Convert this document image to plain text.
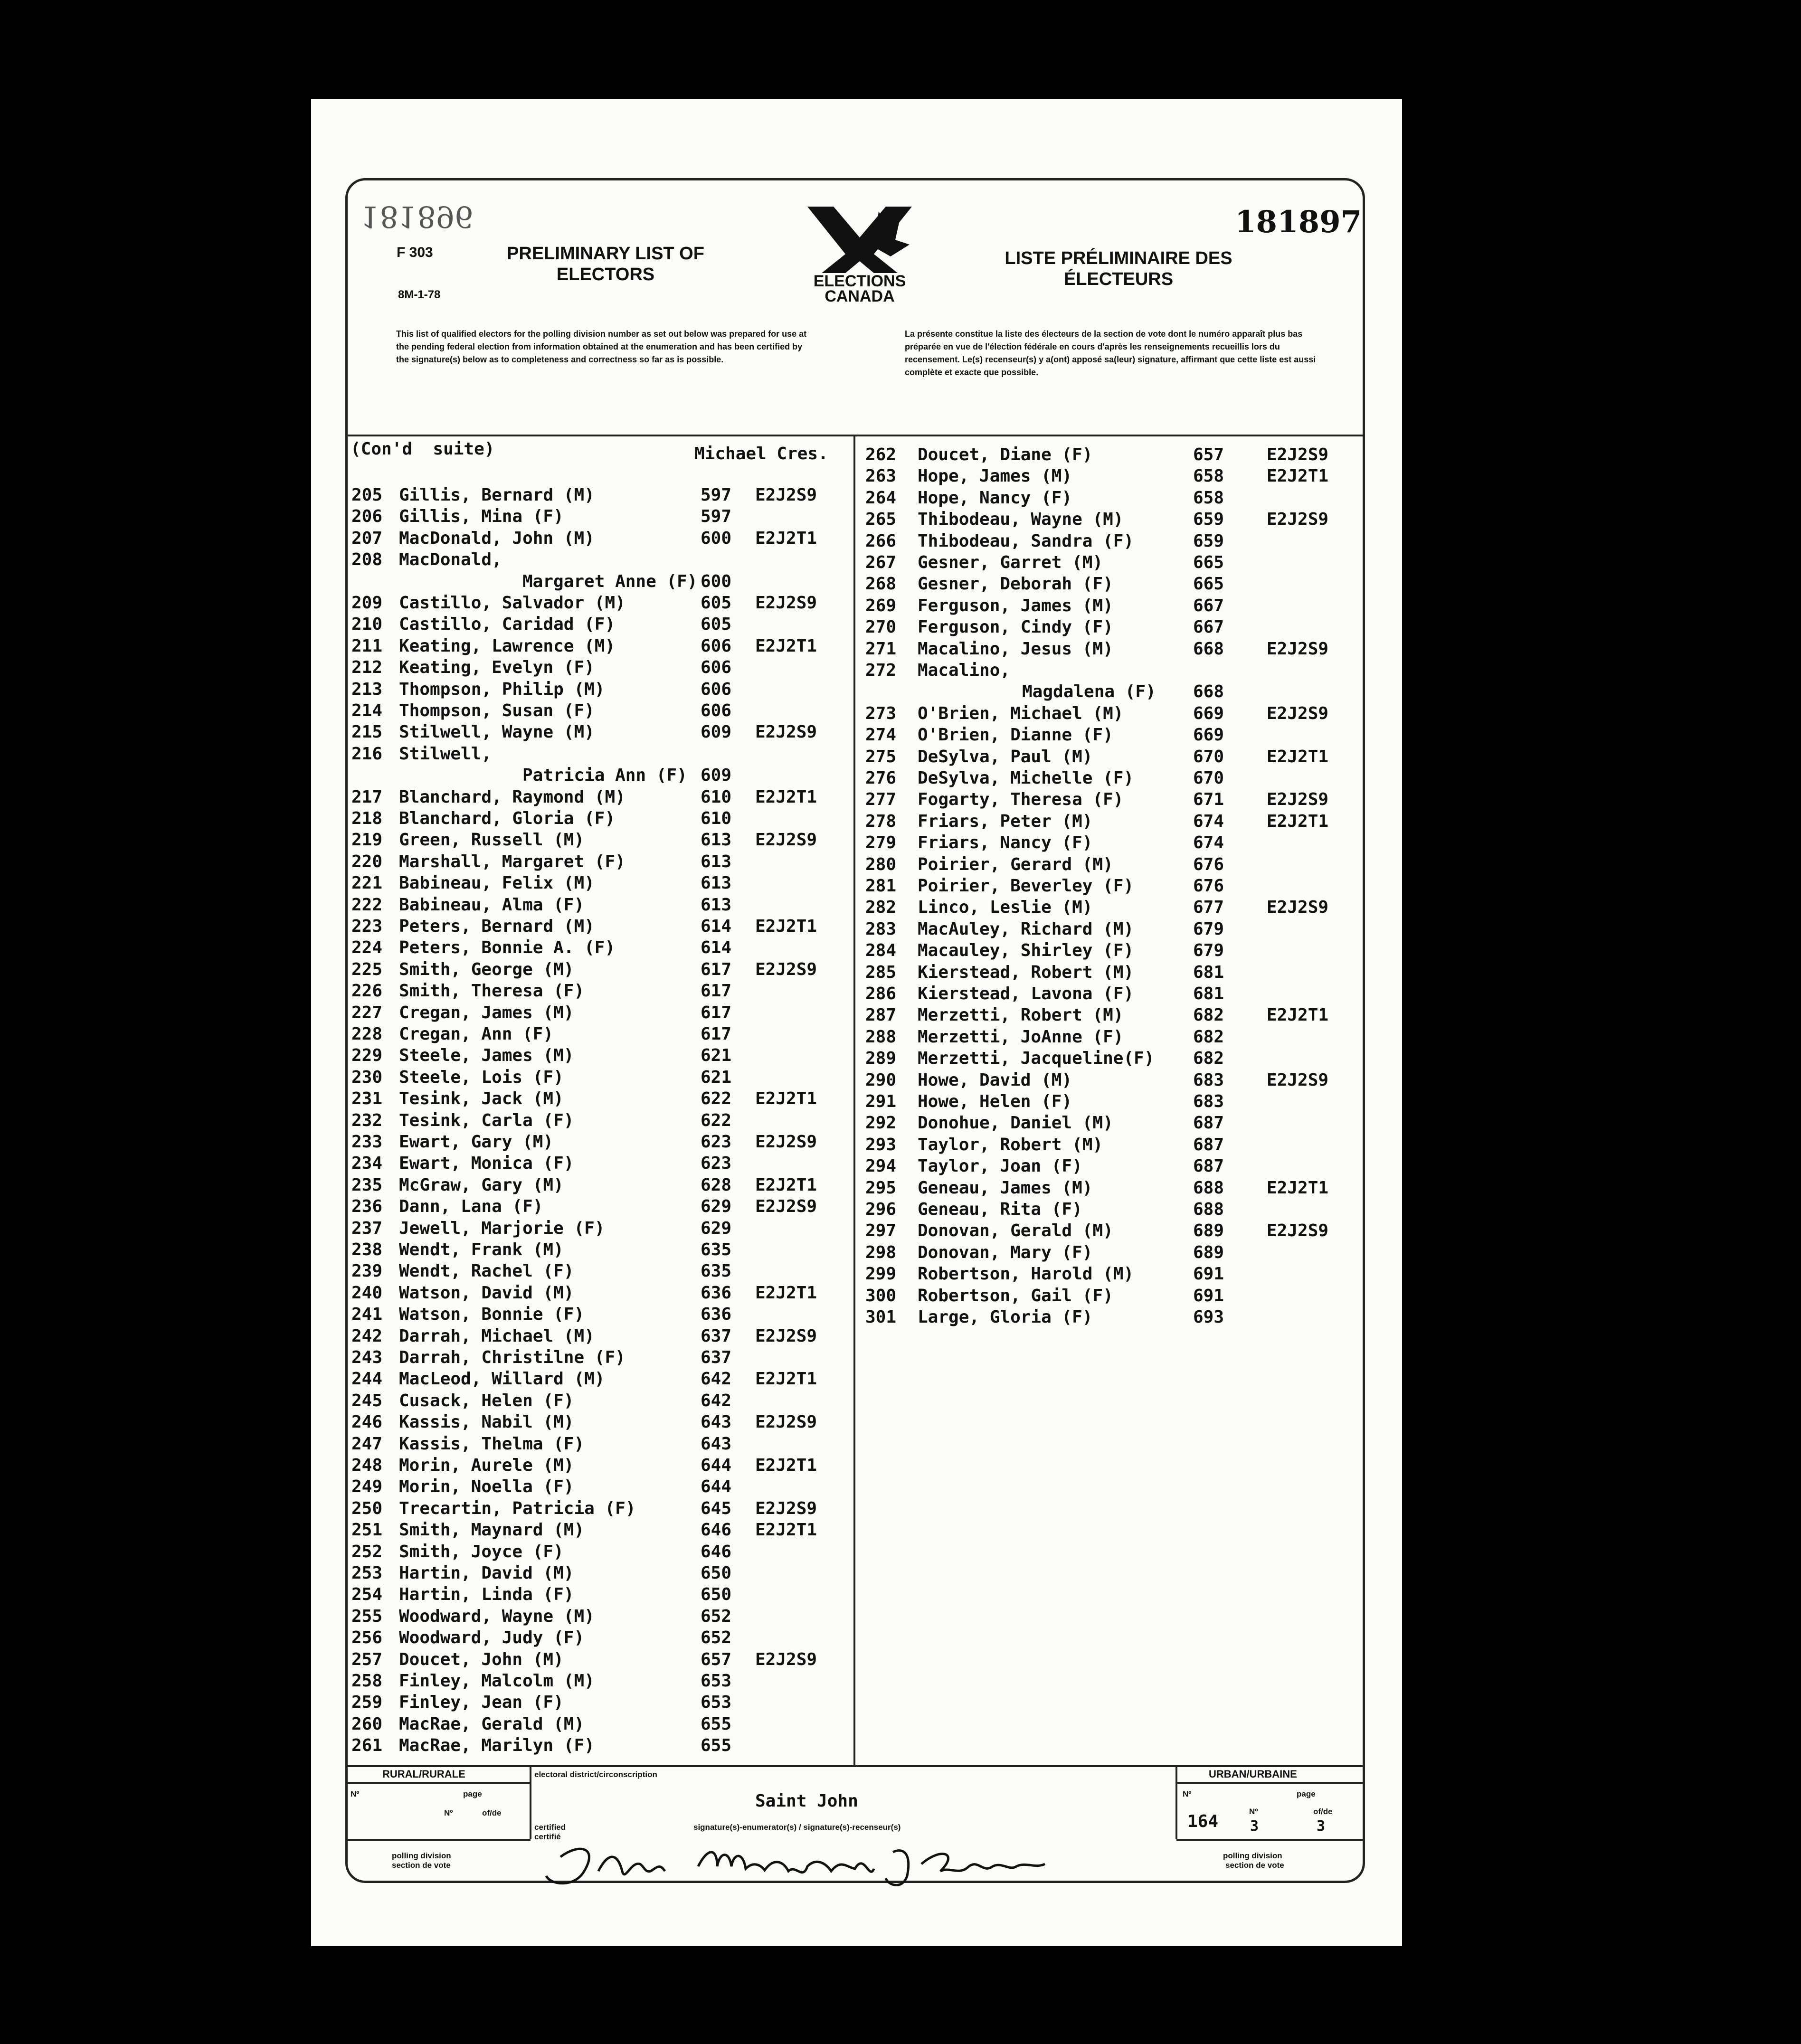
181896
F 303
8M-1-78
PRELIMINARY LIST OF ELECTORS	ELECTIONS
CANADA
LISTE PRÉLIMINAIRE DES ÉLECTEURS
181897
This list of qualified electors for the polling division number as set out below was prepared for use at the pending federal election from information obtained at the enumeration and has been certified by the signature(s) below as to completeness and correctness so far as is possible.
La présente constitue la liste des électeurs de la section de vote dont le numéro apparaît plus bas préparée en vue de l'élection fédérale en cours d'après les renseignements recueillis lors du recensement. Le(s) recenseur(s) y a(ont) apposé sa(leur) signature, affirmant que cette liste est aussi complète et exacte que possible.
(Con'd  suite)	Michael Cres.
205 Gillis, Bernard (M)	597 E2J2S9
206 Gillis, Mina (F)	597
207 MacDonald, John (M)	600 E2J2T1
208 MacDonald,
Margaret Anne (F) 600
209 Castillo, Salvador (M)	605 E2J2S9
210 Castillo, Caridad (F)	605
211 Keating, Lawrence (M)	606 E2J2T1
212 Keating, Evelyn (F)	606
213 Thompson, Philip (M)	606
214 Thompson, Susan (F)	606
215 Stilwell, Wayne (M)	609 E2J2S9
216 Stilwell,
Patricia Ann (F) 609
217 Blanchard, Raymond (M)	610 E2J2T1
218 Blanchard, Gloria (F)	610
219 Green, Russell (M)	613 E2J2S9
220 Marshall, Margaret (F)	613
221 Babineau, Felix (M)	613
222 Babineau, Alma (F)	613
223 Peters, Bernard (M)	614 E2J2T1
224 Peters, Bonnie A. (F)	614
225 Smith, George (M)	617 E2J2S9
226 Smith, Theresa (F)	617
227 Cregan, James (M)	617
228 Cregan, Ann (F)	617
229 Steele, James (M)	621
230 Steele, Lois (F)	621
231 Tesink, Jack (M)	622 E2J2T1
232 Tesink, Carla (F)	622
233 Ewart, Gary (M)	623 E2J2S9
234 Ewart, Monica (F)	623
235 McGraw, Gary (M)	628 E2J2T1
236 Dann, Lana (F)	629 E2J2S9
237 Jewell, Marjorie (F)	629
238 Wendt, Frank (M)	635
239 Wendt, Rachel (F)	635
240 Watson, David (M)	636 E2J2T1
241 Watson, Bonnie (F)	636
242 Darrah, Michael (M)	637 E2J2S9
243 Darrah, Christilne (F)	637
244 MacLeod, Willard (M)	642 E2J2T1
245 Cusack, Helen (F)	642
246 Kassis, Nabil (M)	643 E2J2S9
247 Kassis, Thelma (F)	643
248 Morin, Aurele (M)	644 E2J2T1
249 Morin, Noella (F)	644
250 Trecartin, Patricia (F)	645 E2J2S9
251 Smith, Maynard (M)	646 E2J2T1
252 Smith, Joyce (F)	646
253 Hartin, David (M)	650
254 Hartin, Linda (F)	650
255 Woodward, Wayne (M)	652
256 Woodward, Judy (F)	652
257 Doucet, John (M)	657 E2J2S9
258 Finley, Malcolm (M)	653
259 Finley, Jean (F)	653
260 MacRae, Gerald (M)	655
261 MacRae, Marilyn (F)	655
262 Doucet, Diane (F)	657 E2J2S9
263 Hope, James (M)	658 E2J2T1
264 Hope, Nancy (F)	658
265 Thibodeau, Wayne (M)	659 E2J2S9
266 Thibodeau, Sandra (F)	659
267 Gesner, Garret (M)	665
268 Gesner, Deborah (F)	665
269 Ferguson, James (M)	667
270 Ferguson, Cindy (F)	667
271 Macalino, Jesus (M)	668 E2J2S9
272 Macalino,
Magdalena (F) 668
273 O'Brien, Michael (M)	669 E2J2S9
274 O'Brien, Dianne (F)	669
275 DeSylva, Paul (M)	670 E2J2T1
276 DeSylva, Michelle (F)	670
277 Fogarty, Theresa (F)	671 E2J2S9
278 Friars, Peter (M)	674 E2J2T1
279 Friars, Nancy (F)	674
280 Poirier, Gerard (M)	676
281 Poirier, Beverley (F)	676
282 Linco, Leslie (M)	677 E2J2S9
283 MacAuley, Richard (M)	679
284 Macauley, Shirley (F)	679
285 Kierstead, Robert (M)	681
286 Kierstead, Lavona (F)	681
287 Merzetti, Robert (M)	682 E2J2T1
288 Merzetti, JoAnne (F)	682
289 Merzetti, Jacqueline(F) 682
290 Howe, David (M)	683 E2J2S9
291 Howe, Helen (F)	683
292 Donohue, Daniel (M)	687
293 Taylor, Robert (M)	687
294 Taylor, Joan (F)	687
295 Geneau, James (M)	688 E2J2T1
296 Geneau, Rita (F)	688
297 Donovan, Gerald (M)	689 E2J2S9
298 Donovan, Mary (F)	689
299 Robertson, Harold (M)	691
300 Robertson, Gail (F)	691
301 Large, Gloria (F)	693
RURAL/RURALE	electoral district/circonscription	URBAN/URBAINE
Nº	page
Nº	of/de
Saint John
certified
certifié
signature(s)-enumerator(s) / signature(s)-recenseur(s)
Nº	page
164
Nº
3
of/de
3
polling division
section de vote
polling division
section de vote
